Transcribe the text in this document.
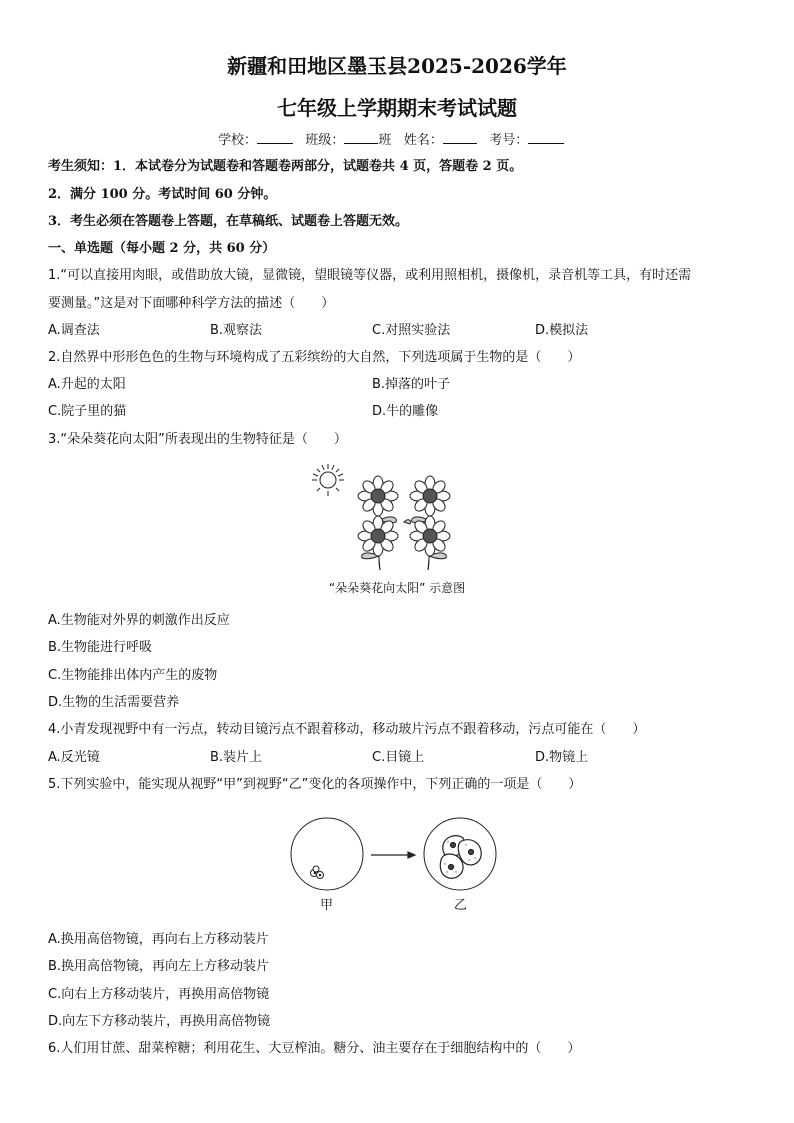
新疆和田地区墨玉县2025-2026学年
七年级上学期期末考试试题
学校：	班级：	班 姓名：	考号：
考生须知：1．本试卷分为试题卷和答题卷两部分，试题卷共 4 页，答题卷 2 页。
2．满分 100 分。考试时间 60 分钟。
3．考生必须在答题卷上答题，在草稿纸、试题卷上答题无效。
一、单选题（每小题 2 分，共 60 分）
1.“可以直接用肉眼，或借助放大镜，显微镜，望眼镜等仪器，或利用照相机，摄像机，录音机等工具，有时还需
要测量。”这是对下面哪种科学方法的描述（　　）
A.调查法	B.观察法	C.对照实验法	D.模拟法
2.自然界中形形色色的生物与环境构成了五彩缤纷的大自然，下列选项属于生物的是（　　）
A.升起的太阳	B.掉落的叶子
C.院子里的猫	D.牛的雕像
3.“朵朵葵花向太阳”所表现出的生物特征是（　　）
“朵朵葵花向太阳” 示意图
A.生物能对外界的刺激作出反应
B.生物能进行呼吸
C.生物能排出体内产生的废物
D.生物的生活需要营养
4.小青发现视野中有一污点，转动目镜污点不跟着移动，移动玻片污点不跟着移动，污点可能在（　　）
A.反光镜	B.装片上	C.目镜上	D.物镜上
5.下列实验中，能实现从视野“甲”到视野“乙”变化的各项操作中，下列正确的一项是（　　）
甲	乙
A.换用高倍物镜，再向右上方移动装片
B.换用高倍物镜，再向左上方移动装片
C.向右上方移动装片，再换用高倍物镜
D.向左下方移动装片，再换用高倍物镜
6.人们用甘蔗、甜菜榨糖；利用花生、大豆榨油。糖分、油主要存在于细胞结构中的（　　）
